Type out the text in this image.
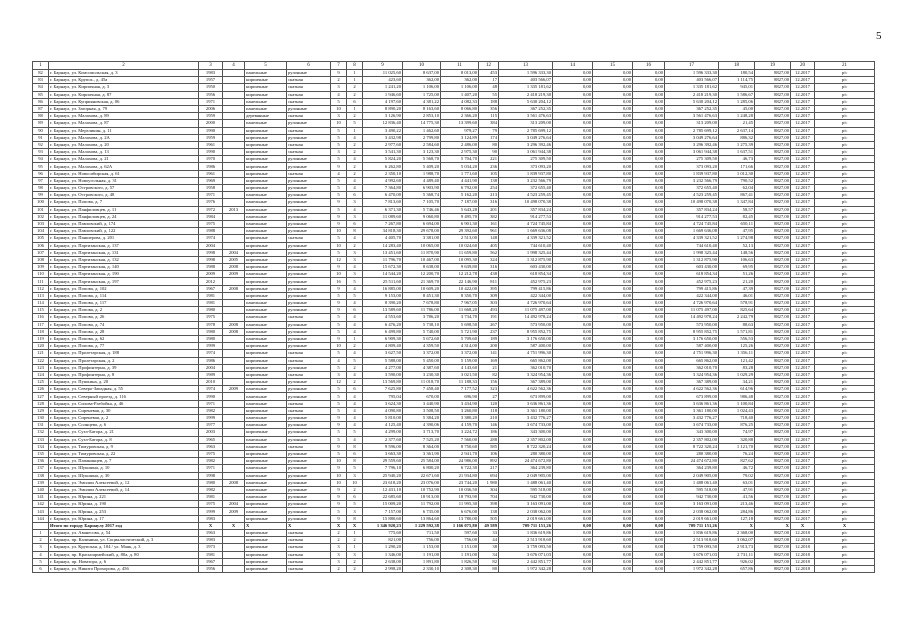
5
1	2	3	4	5	6	7	8	9	10	11	12	13	14	15	16	17	18	19	20	21
82	г. Барнаул, ул. Комсомольская, д. 3	1983		панельные	рулонные	9	1	11 025,60	8 637,00	8 013,00	453	1 596 333,30	0,00	0,00	0,00	1 596 333,30	180,54	8827,00	12.2017	р/с
83	г. Барнаул, ул. Крупск., д. 45а	1957		кирпичные	скатная	2	1	423,60	362,00	362,00	17	403 566,07	0,00	0,00	0,00	403 566,07	1 114,75	8827,00	12.2017	р/с
84	г. Барнаул, ул. Кирпичная, д. 3	1950		кирпичные	скатная	3	2	1 241,20	1 106,00	1 106,00	48	1 335 181,62	0,00	0,00	0,00	1 335 181,62	945,01	8827,00	12.2017	р/с
85	г. Барнаул, ул. Кирпичная, д. 87	1956		кирпичные	скатная	4	2	1 946,60	1 725,00	1 407,20	55	2 418 219,30	0,00	0,00	0,00	2 418 219,30	1 586,67	8827,00	12.2017	р/с
86	г. Барнаул, ул. Куприяновская, д. 06	1971		панельные	скатная	5	6	4 197,60	4 381,22	4 082,33	188	5 630 204,12	0,00	0,00	0,00	5 630 204,12	1 285,06	8827,00	12.2017	р/с
87	г. Барнаул, ул. Загорная, д. 79	2006		панельные	рулонные	10	1	8 890,20	8 163,60	8 066,80	356	367 252,35	0,00	0,00	0,00	367 252,35	45,00	8827,00	12.2017	р/с
88	г. Барнаул, ул. Малахова, д. 89	1959		деревянные	скатная	3	2	3 126,90	2 853,10	2 366,20	115	3 561 476,63	0,00	0,00	0,00	3 561 476,63	1 248,28	8827,00	12.2017	р/с
89	г. Барнаул, ул. Малахова, д. 87	2000		панельные	рулонные	10	5	12 836,40	14 775,30	13 399,60	384	313 209,00	0,00	0,00	0,00	313 209,00	21,45	8827,00	12.2017	р/с
90	г. Барнаул, ул. Мерзликин, д. 11	1990		кирпичные	скатная	5	1	3 490,22	1 462,60	979,27	79	2 785 699,12	0,00	0,00	0,00	2 785 699,12	2 637,14	8827,00	12.2017	р/с
91	г. Барнаул, ул. Малахова, д. 2А	1959		кирпичные	рулонные	5	4	3 432,98	2 799,80	3 124,89	174	3 049 276,64	0,00	0,00	0,00	3 049 276,64	886,32	8827,00	12.2017	р/с
92	г. Барнаул, ул. Малахова, д. 20	1961		кирпичные	скатная	5	2	2 977,60	2 584,60	2 486,00	80	3 296 392,46	0,00	0,00	0,00	3 296 392,46	1 275,39	8827,00	12.2017	р/с
93	г. Барнаул, ул. Малахова, д. 13	1990		кирпичные	скатная	3	2	3 541,30	3 123,30	2 975,30	90	3 061 944,38	0,00	0,00	0,00	3 061 944,38	1 637,51	8827,00	12.2017	р/с
94	г. Барнаул, ул. Малахова, д. 21	1970		кирпичные	рулонные	5	4	5 824,20	5 568,70	5 704,70	221	275 309,50	0,00	0,00	0,00	275 309,50	46,73	8827,00	12.2017	р/с
95	г. Барнаул, ул. Малахова, д. 62А	1986		кирпичные	рулонные	9	2	6 262,80	5 409,20	5 034,20	236	373 093,20	0,00	0,00	0,00	373 093,20	171,66	8827,00	12.2017	р/с
96	г. Барнаул, ул. Новосибирская, д. 61	1961		кирпичные	скатная	4	2	2 350,10	1 988,70	1 771,60	105	1 839 937,80	0,00	0,00	0,00	1 839 937,80	1 012,30	8827,00	12.2017	р/с
97	г. Барнаул, ул. Новоугольная, д. 31	1969		кирпичные	рулонные	5	4	4 992,60	4 489,40	4 441,90	138	3 232 566,79	0,00	0,00	0,00	3 232 566,79	790,52	8827,00	12.2017	р/с
98	г. Барнаул, ул. Островского, д. 57	1958		кирпичные	рулонные	5	4	7 364,80	6 903,90	6 792,00	254	372 655,40	0,00	0,00	0,00	372 655,40	62,04	8827,00	12.2017	р/с
99	г. Барнаул, ул. Островского, д. 48	1971		панельные	рулонные	5	6	6 470,00	5 368,74	5 162,20	213	4 523 259,45	0,00	0,00	0,00	4 523 259,45	867,41	8827,00	12.2017	р/с
100	г. Барнаул, ул. Попова, д. 7	1976		панельные	рулонные	9	3	7 813,60	7 105,70	7 187,00	316	10 498 070,38	0,00	0,00	0,00	10 498 070,38	1 347,84	8827,00	12.2017	р/с
101	г. Барнаул, ул. Панфиловцев, д. 11	1972	2013	панельные	рулонные	5	4	6 371,30	5 746,46	5 643,28	201	357 834,24	0,00	0,00	0,00	357 834,24	58,57	8827,00	12.2017	р/с
102	г. Барнаул, ул. Панфиловцев, д. 24	1984		панельные	рулонные	9	3	11 089,60	9 060,80	9 495,70	382	914 277,53	0,00	0,00	0,00	914 277,53	82,45	8827,00	12.2017	р/с
103	г. Барнаул, ул. Павловский, д. 174	1975		панельные	рулонные	9	6	7 267,80	6 694,00	6 901,30	161	4 724 745,84	0,00	0,00	0,00	4 724 745,84	650,11	8827,00	12.2017	р/с
104	г. Барнаул, ул. Павловский, д. 122	1988		панельные	рулонные	10	8	34 818,30	29 678,00	29 392,60	961	1 669 636,08	0,00	0,00	0,00	1 669 636,08	47,95	8827,00	12.2017	р/с
105	г. Барнаул, ул. Паншерова, д. 201	1974		кирпичные	скатная	5	4	4 405,70	3 381,00	2 513,00	148	4 339 321,52	0,00	0,00	0,00	4 339 321,52	1 274,98	8827,00	12.2017	р/с
106	г. Барнаул, ул. Партизанская, д. 137	2004		кирпичные	рулонные	10	2	14 283,40	10 065,00	10 024,60	405	744 610,40	0,00	0,00	0,00	744 610,40	52,13	8827,00	12.2017	р/с
107	г. Барнаул, ул. Партизанская, д. 131	1998	2004	кирпичные	рулонные	5	3	13 451,60	11 870,90	11 659,80	562	1 998 325,44	0,00	0,00	0,00	1 998 325,44	148,56	8827,00	12.2017	р/с
108	г. Барнаул, ул. Партизанская, д. 132	1998	2005	кирпичные	рулонные	12	3	11 796,70	10 467,00	10 095,30	324	1 312 875,90	0,00	0,00	0,00	1 312 875,90	106,63	8827,00	12.2017	р/с
109	г. Барнаул, ул. Партизанская, д. 140	1988	2008	кирпичные	рулонные	9	4	15 672,30	8 638,00	9 639,80	316	603 430,00	0,00	0,00	0,00	603 430,00	69,95	8827,00	12.2017	р/с
110	г. Барнаул, ул. Партизанская, д. 190	2009	2009	панельные	рулонные	10	3	14 544,20	12 200,70	12 212,78	438	618 854,34	0,00	0,00	0,00	618 854,34	51,26	8827,00	12.2017	р/с
111	г. Барнаул, ул. Партизанская, д. 197	2012		кирпичные	рулонные	16	5	25 511,60	21 369,70	22 146,90	811	452 975,23	0,00	0,00	0,00	452 975,23	21,20	8827,00	12.2017	р/с
112	г. Барнаул, ул. Попова, д. 102	1967	2008	кирпичные	рулонные	9	4	16 885,00	10 609,20	10 422,00	395	799 415,86	0,00	0,00	0,00	799 415,86	47,39	8827,00	12.2017	р/с
113	г. Барнаул, ул. Попова, д. 114	1981		кирпичные	рулонные	5	5	9 153,00	8 451,30	8 350,70	309	422 344,00	0,00	0,00	0,00	422 344,00	46,01	8827,00	12.2017	р/с
114	г. Барнаул, ул. Попова, д. 117	1981		панельные	рулонные	9	4	8 390,20	7 678,80	7 967,05	303	4 726 970,64	0,00	0,00	0,00	4 726 970,64	578,91	8827,00	12.2017	р/с
115	г. Барнаул, ул. Попова, д. 2	1980		панельные	рулонные	9	6	13 589,60	11 786,00	11 668,20	493	11 075 497,00	0,00	0,00	0,00	11 075 497,00	825,64	8827,00	12.2017	р/с
116	г. Барнаул, ул. Попова, д. 26	1975		панельные	скатная	5	4	4 553,60	3 786,20	3 734,70	191	14 492 978,24	0,00	0,00	0,00	14 492 978,24	2 242,79	8827,00	12.2017	р/с
117	г. Барнаул, ул. Попова, д. 74	1978	2008	панельные	рулонные	5	4	6 476,20	5 738,10	5 698,50	267	573 950,00	0,00	0,00	0,00	573 950,00	88,63	8827,00	12.2017	р/с
118	г. Барнаул, ул. Попова, д. 28	1980	2008	панельные	рулонные	5	4	6 499,80	5 740,00	5 721,90	237	8 955 852,75	0,00	0,00	0,00	8 955 852,75	1 571,81	8827,00	12.2017	р/с
119	г. Барнаул, ул. Попова, д. 62	1980		панельные	рулонные	9	1	6 909,30	5 672,60	5 709,60	189	3 176 650,00	0,00	0,00	0,00	3 176 650,00	556,53	8827,00	12.2017	р/с
120	г. Барнаул, ул. Попова, д. 77	1999		кирпичные	рулонные	10	2	4 809,40	4 359,50	4 314,00	200	587 400,00	0,00	0,00	0,00	587 400,00	125,26	8827,00	12.2017	р/с
121	г. Барнаул, ул. Пролетарская, д. 188	1974		кирпичные	скатная	5	4	3 627,50	3 372,00	3 372,00	141	4 751 996,30	0,00	0,00	0,00	4 751 996,30	1 356,11	8827,00	12.2017	р/с
122	г. Барнаул, ул. Пролетарская, д. 2	1986		кирпичные	скатная	4	5	5 588,00	5 450,00	5 159,00	169	665 862,00	0,00	0,00	0,00	665 862,00	121,42	8827,00	12.2017	р/с
123	г. Барнаул, ул. Профинтерна, д. 39	2004		кирпичные	рулонные	5	2	4 277,00	4 387,60	4 143,60	21	362 010,70	0,00	0,00	0,00	362 010,70	83,28	8827,00	12.2017	р/с
124	г. Барнаул, ул. Профинтерна, д. 8	1989		кирпичные	скатная	3	4	3 590,00	3 230,30	3 021,50	82	3 324 954,36	0,00	0,00	0,00	3 324 954,36	1 029,29	8827,00	12.2017	р/с
125	г. Барнаул, ул. Пушкина, д. 20	2010		кирпичные	рулонные	12	2	13 569,80	11 018,70	11 188,33	156	367 389,00	0,00	0,00	0,00	367 389,00	34,21	8827,00	12.2017	р/с
126	г. Барнаул, ул. Северо-Западная, д. 55	1974	2009	панельные	рулонные	5	6	7 625,80	7 458,40	7 177,52	323	4 622 562,36	0,00	0,00	0,00	4 622 562,36	614,96	8827,00	12.2017	р/с
127	г. Барнаул, ул. Северный проезд, д. 116	1990		панельные	рулонные	5	4	795,04	670,00	696,90	27	673 899,00	0,00	0,00	0,00	673 899,00	986,48	8827,00	12.2017	р/с
128	г. Барнаул, ул. Силова-Разбойка, д. 46	1971		панельные	скатная	5	4	3 624,30	3 440,90	3 434,90	120	3 636 861,36	0,00	0,00	0,00	3 636 861,36	1 100,84	8827,00	12.2017	р/с
129	г. Барнаул, ул. Сиреневая, д. 30	1982		кирпичные	скатная	5	4	4 090,80	3 508,50	3 260,80	118	3 361 180,00	0,00	0,00	0,00	3 361 180,00	1 024,43	8827,00	12.2017	р/с
130	г. Барнаул, ул. Сиреневая, д. 2	1999		панельные	рулонные	9	4	5 810,00	5 384,20	3 380,20	210	3 432 776,27	0,00	0,00	0,00	3 432 776,27	718,40	8827,00	12.2017	р/с
131	г. Барнаул, ул. Солнцева, д. 6	1977		панельные	рулонные	9	4	4 125,40	4 390,06	4 159,70	146	3 674 733,00	0,00	0,00	0,00	3 674 733,00	876,25	8827,00	12.2017	р/с
132	г. Барнаул, ул. Сухэ-Батора, д. 21	2003		кирпичные	рулонные	5	5	4 299,00	3 713,70	3 224,72	186	343 300,00	0,00	0,00	0,00	343 300,00	74,97	8827,00	12.2017	р/с
133	г. Барнаул, ул. Сухэ-Батора, д. 8	1965		панельные	рулонные	5	4	2 377,60	7 525,20	7 560,00	288	2 357 802,00	0,00	0,00	0,00	2 357 802,00	320,88	8827,00	12.2017	р/с
134	г. Барнаул, ул. Тимуровская, д. 9	1963		панельные	скатная	9	8	9 596,00	8 364,00	8 750,60	585	8 722 320,24	0,00	0,00	0,00	8 722 320,24	1 121,70	8827,00	12.2017	р/с
135	г. Барнаул, ул. Тимуровская, д. 22	1975		кирпичные	рулонные	5	6	3 663,30	3 361,90	2 941,70	106	280 380,00	0,00	0,00	0,00	280 380,00	76,24	8827,00	12.2017	р/с
136	г. Барнаул, ул. Папанинцев, д. 7	1982		кирпичные	рулонные	10	8	29 559,60	25 584,00	24 986,00	892	24 474 672,80	0,00	0,00	0,00	24 474 672,80	827,62	8827,00	12.2017	р/с
137	г. Барнаул, ул. Шукшина, д. 10	1971		панельные	рулонные	9	5	7 796,10	6 800,20	6 722,30	217	364 239,80	0,00	0,00	0,00	364 239,80	46,72	8827,00	12.2017	р/с
138	г. Барнаул, ул. Шукшина, д. 30	1998		панельные	рулонные	10	3	25 940,20	22 671,60	21 934,80	694	2 049 905,00	0,00	0,00	0,00	2 049 905,00	79,02	8827,00	12.2017	р/с
139	г. Барнаул, ул. Эмилии Алексеевой, д. 12	1980	2008	панельные	рулонные	10	10	23 618,20	23 076,00	23 744,20	1 980	1 488 061,40	0,00	0,00	0,00	1 488 061,40	63,01	8827,00	12.2017	р/с
140	г. Барнаул, ул. Эмилии Алексеевой, д. 14	1982		панельные	рулонные	9	2	12 431,10	10 752,90	10 036,50	304	595 518,00	0,00	0,00	0,00	595 518,00	47,91	8827,00	12.2017	р/с
141	г. Барнаул, ул. Юрина, д. 221	1981		панельные	рулонные	9	6	22 685,60	18 913,00	18 793,90	704	942 730,00	0,00	0,00	0,00	942 730,00	41,56	8827,00	12.2017	р/с
142	г. Барнаул, ул. Юрина, д. 190	1975	2004	кирпичные	рулонные	9	5	15 009,20	11 792,00	11 995,30	398	3 163 091,00	0,00	0,00	0,00	3 163 091,00	213,46	8827,00	12.2017	р/с
143	г. Барнаул, ул. Юрина, д. 253	1999	2009	панельные	рулонные	5	3	7 157,00	6 735,00	6 676,00	138	2 038 062,00	0,00	0,00	0,00	2 038 062,00	284,86	8827,00	12.2017	р/с
144	г. Барнаул, ул. Юрина, д. 17	1983		кирпичные	рулонные	9	8	15 880,60	13 864,60	13 780,00	505	2 019 661,00	0,00	0,00	0,00	2 019 661,00	127,18	8827,00	12.2017	р/с
	Итого по городу Барнаулу 2017 год	X	X	X	X	X	X	1 346 920,23	1 229 592,38	1 166 075,80	49 589	709 711 151,26	0,00	0,00	0,00	709 711 151,26	X	X	X	X
1	г. Барнаул, ул. Аванесова, д. 54	1963		кирпичные	скатная	2	1	775,60	711,50	597,60	33	1 836 619,86	0,00	0,00	0,00	1 836 619,86	2 368,00	8827,00	12.2018	р/с
2	г. Барнаул, пр. Калинина, ул. Социалистический, д. 3	1983		кирпичные	скатная	2	2	821,00	756,00	756,00	44	2 513 918,60	0,00	0,00	0,00	2 513 918,60	3 062,07	8827,00	12.2018	р/с
3	г. Барнаул, ул. Крупская, д. 104 / ул. Маяк, д. 3	1973		кирпичные	скатная	3	1	1 290,20	1 153,00	1 151,00	38	3 759 093,50	0,00	0,00	0,00	3 759 093,50	2 913,73	8827,00	12.2018	р/с
4	г. Барнаул, пр. Красноармейский, д. 80а, д. 80	1981		кирпичные	скатная	3	3	1 346,00	1 191,00	1 191,00	34	3 676 071,03	0,00	0,00	0,00	3 676 071,03	2 731,11	8827,00	12.2018	р/с
5	г. Барнаул, пр. Новатора, д. 6	1967		кирпичные	скатная	3	2	2 638,00	1 891,80	1 826,50	82	2 442 851,77	0,00	0,00	0,00	2 442 851,77	926,02	8827,00	12.2018	р/с
6	г. Барнаул, ул. Никита Прохорова, д. 456	1956		кирпичные	скатная	2	2	2 998,20	2 330,10	2 308,30	80	1 972 342,28	0,00	0,00	0,00	1 972 342,28	657,86	8827,00	12.2018	р/с
